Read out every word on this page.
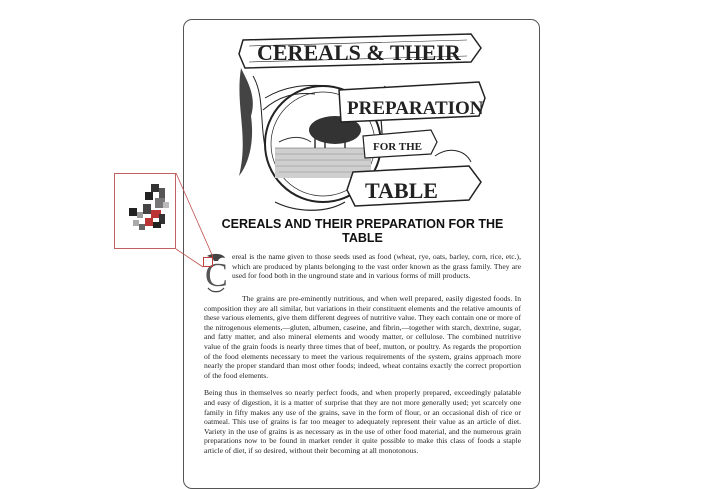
CEREALS & THEIR
PREPARATION
FOR THE
TABLE
CEREALS AND THEIR PREPARATION FOR THE TABLE
C
ereal is the name given to those seeds used as food (wheat, rye, oats, barley, corn, rice, etc.), which are produced by plants belonging to the vast order known as the grass family. They are used for food both in the unground state and in various forms of mill products.

The grains are pre-eminently nutritious, and when well prepared, easily digested foods. In composition they are all similar, but variations in their constituent elements and the relative amounts of these various elements, give them different degrees of nutritive value. They each contain one or more of the nitrogenous elements,—gluten, albumen, caseine, and fibrin,—together with starch, dextrine, sugar, and fatty matter, and also mineral elements and woody matter, or cellulose. The combined nutritive value of the grain foods is nearly three times that of beef, mutton, or poultry. As regards the proportion of the food elements necessary to meet the various requirements of the system, grains approach more nearly the proper standard than most other foods; indeed, wheat contains exactly the correct proportion of the food elements.

Being thus in themselves so nearly perfect foods, and when properly prepared, exceedingly palatable and easy of digestion, it is a matter of surprise that they are not more generally used; yet scarcely one family in fifty makes any use of the grains, save in the form of flour, or an occasional dish of rice or oatmeal. This use of grains is far too meager to adequately represent their value as an article of diet. Variety in the use of grains is as necessary as in the use of other food material, and the numerous grain preparations now to be found in market render it quite possible to make this class of foods a staple article of diet, if so desired, without their becoming at all monotonous.
